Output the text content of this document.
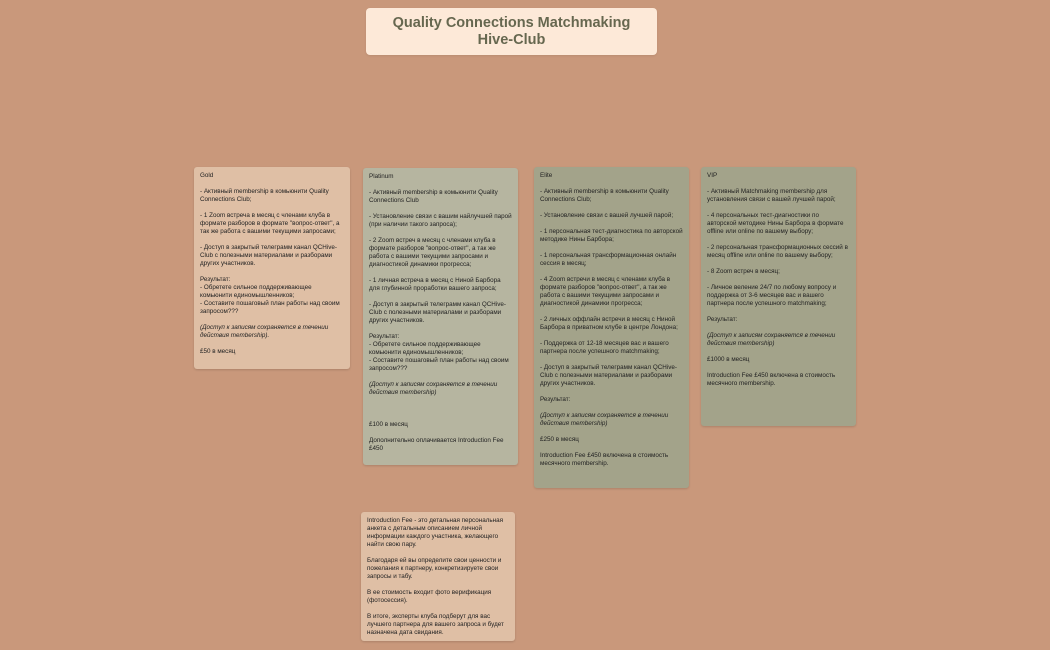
Quality Connections Matchmaking
Hive-Club

Gold

- Активный membership в комьюнити Quality Connections Club;

- 1 Zoom встреча в месяц с членами клуба в формате разборов в формате "вопрос-ответ", а так же работа с вашими текущими запросами;

- Доступ в закрытый телеграмм канал QCHive-Club с полезными материалами и разборами других участников.

Результат:
- Обретете сильное поддерживающее комьюнити единомышленников;
- Составите пошаговый план работы над своим запросом???

(Доступ к записям сохраняется в течении действия membership).

£50 в месяц

Platinum

- Активный membership в комьюнити Quality Connections Club

- Установление связи с вашим найлучшей парой (при наличии такого запроса);

- 2 Zoom встреч в месяц с членами клуба в формате разборов "вопрос-ответ", а так же работа с вашими текущими запросами и диагностикой динамики прогресса;

- 1 личная встреча в месяц с Ниной Барбора для глубинной проработки вашего запроса;

- Доступ в закрытый телеграмм канал QCHive-Club с полезными материалами и разборами других участников.

Результат:
- Обретете сильное поддерживающее комьюнити единомышленников;
- Составите пошаговый план работы над своим запросом???

(Доступ к записям сохраняется в течении действия membership)

£100 в месяц

Дополнительно оплачивается Introduction Fee £450

Elite

- Активный membership в комьюнити Quality Connections Club;

- Установление связи с вашей лучшей парой;

- 1 персональная тест-диагностика по авторской методике Нины Барбора;

- 1 персональная трансформационная онлайн сессия в месяц;

- 4 Zoom встречи в месяц с членами клуба в формате разборов "вопрос-ответ", а так же работа с вашими текущими запросами и диагностикой динамики прогресса;

- 2 личных оффлайн встречи в месяц с Ниной Барбора в приватном клубе в центре Лондона;

- Поддержка от 12-18 месяцев вас и вашего партнера после успешного matchmaking;

- Доступ в закрытый телеграмм канал QCHive-Club с полезными материалами и разборами других участников.

Результат:

(Доступ к записям сохраняется в течении действия membership)

£250 в месяц

Introduction Fee £450 включена в стоимость месячного membership.

VIP

- Активный Matchmaking membership для установления связи с вашей лучшей парой;

- 4 персональных тест-диагностики по авторской методике Нины Барбора в формате offline или online по вашему выбору;

- 2 персональная трансформационных сессий в месяц offline или online по вашему выбору;

- 8 Zoom встреч в месяц;

- Личное веление 24/7 по любому вопросу и поддержка от 3-6 месяцев вас и вашего партнера после успешного matchmaking;

Результат:

(Доступ к записям сохраняется в течении действия membership)

£1000 в месяц

Introduction Fee £450 включена в стоимость месячного membership.

Introduction Fee - это детальная персональная анкета с детальным описанием личной информации каждого участника, желающего найти свою пару.

Благодаря ей вы определите свои ценности и пожелания к партнеру, конкретизируете свои запросы и табу.

В ее стоимость входит фото верификация (фотосессия).

В итоге, эксперты клуба подберут для вас лучшего партнера для вашего запроса и будет назначена дата свидания.
